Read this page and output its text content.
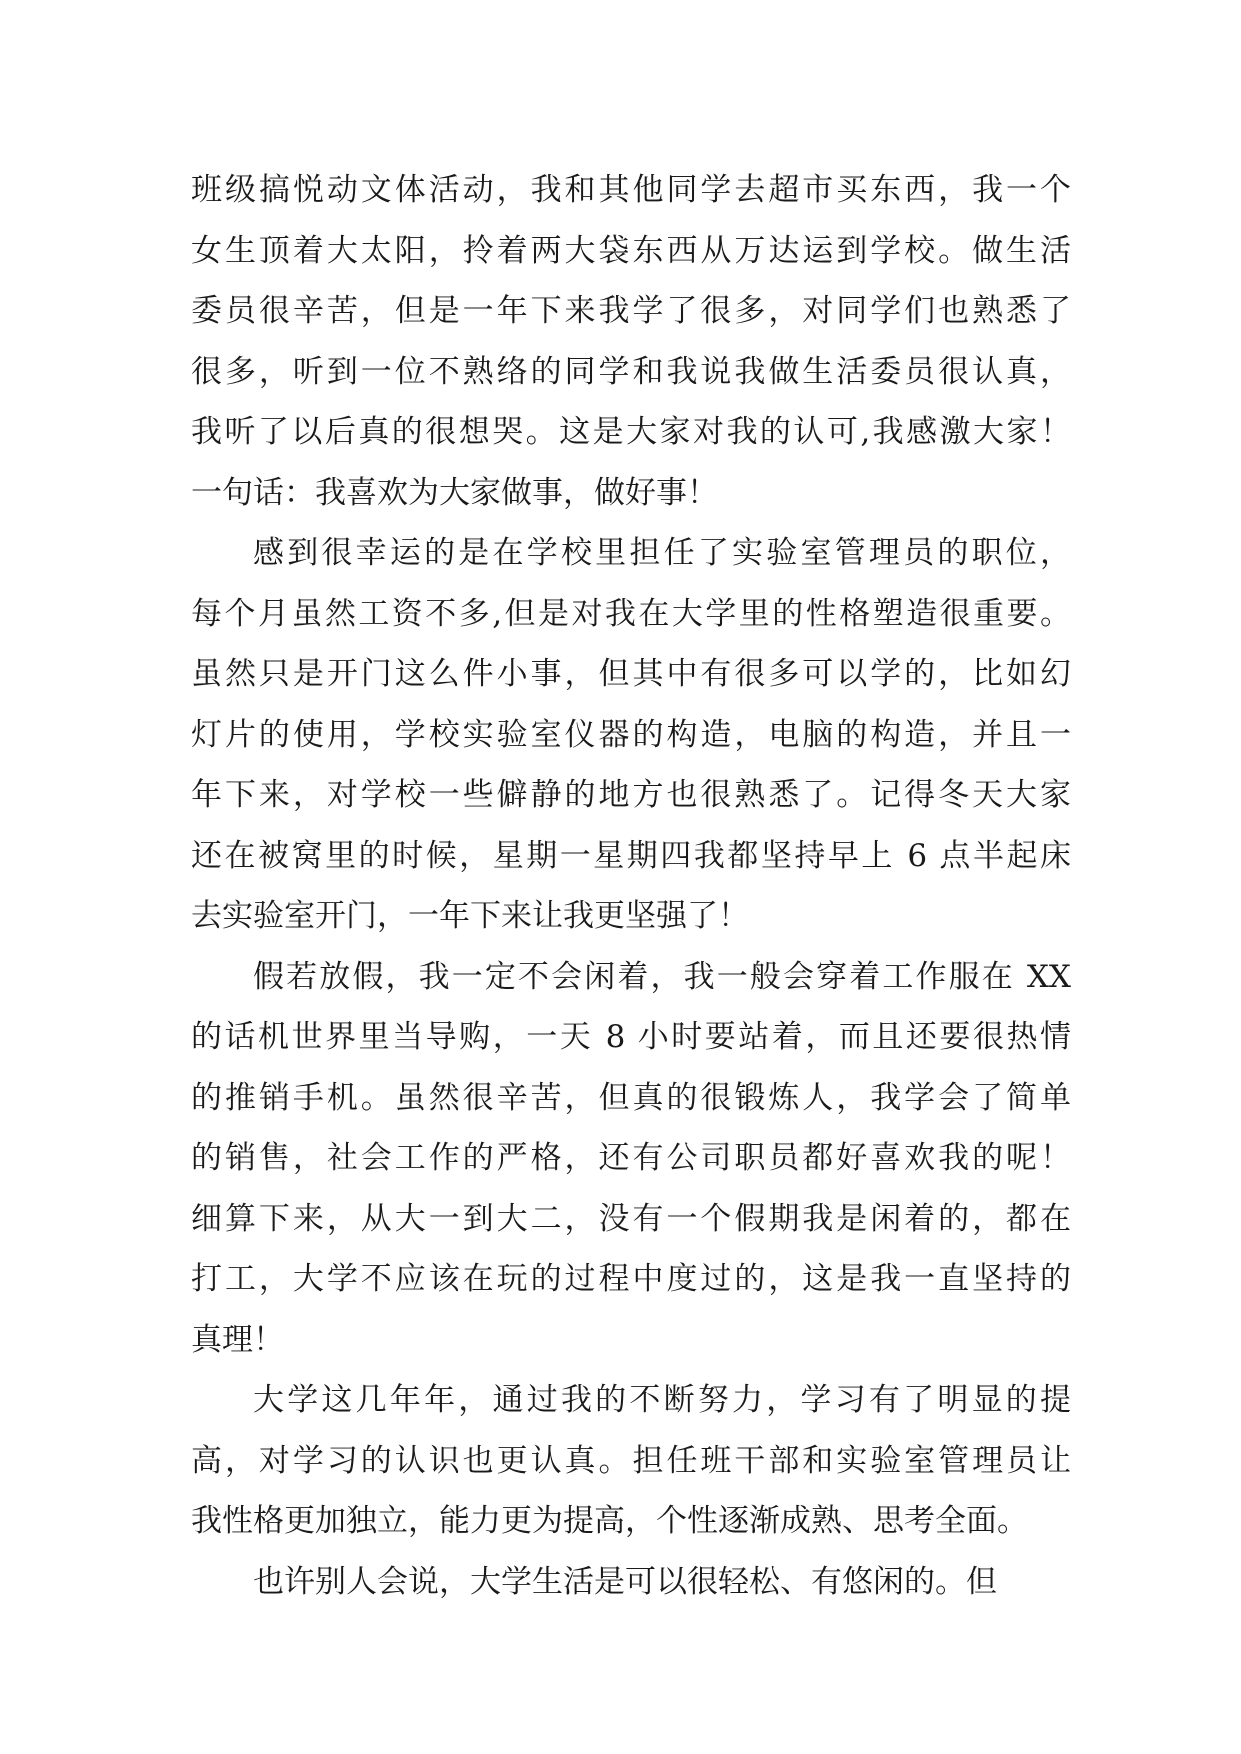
班级搞悦动文体活动，我和其他同学去超市买东西，我一个
女生顶着大太阳，拎着两大袋东西从万达运到学校。做生活
委员很辛苦，但是一年下来我学了很多，对同学们也熟悉了
很多，听到一位不熟络的同学和我说我做生活委员很认真，
我听了以后真的很想哭。这是大家对我的认可,我感激大家！
一句话：我喜欢为大家做事，做好事！
感到很幸运的是在学校里担任了实验室管理员的职位，
每个月虽然工资不多,但是对我在大学里的性格塑造很重要。
虽然只是开门这么件小事，但其中有很多可以学的，比如幻
灯片的使用，学校实验室仪器的构造，电脑的构造，并且一
年下来，对学校一些僻静的地方也很熟悉了。记得冬天大家
还在被窝里的时候，星期一星期四我都坚持早上 6 点半起床
去实验室开门，一年下来让我更坚强了！
假若放假，我一定不会闲着，我一般会穿着工作服在 XX
的话机世界里当导购，一天 8 小时要站着，而且还要很热情
的推销手机。虽然很辛苦，但真的很锻炼人，我学会了简单
的销售，社会工作的严格，还有公司职员都好喜欢我的呢！
细算下来，从大一到大二，没有一个假期我是闲着的，都在
打工，大学不应该在玩的过程中度过的，这是我一直坚持的
真理！
大学这几年年，通过我的不断努力，学习有了明显的提
高，对学习的认识也更认真。担任班干部和实验室管理员让
我性格更加独立，能力更为提高，个性逐渐成熟、思考全面。
也许别人会说，大学生活是可以很轻松、有悠闲的。但
